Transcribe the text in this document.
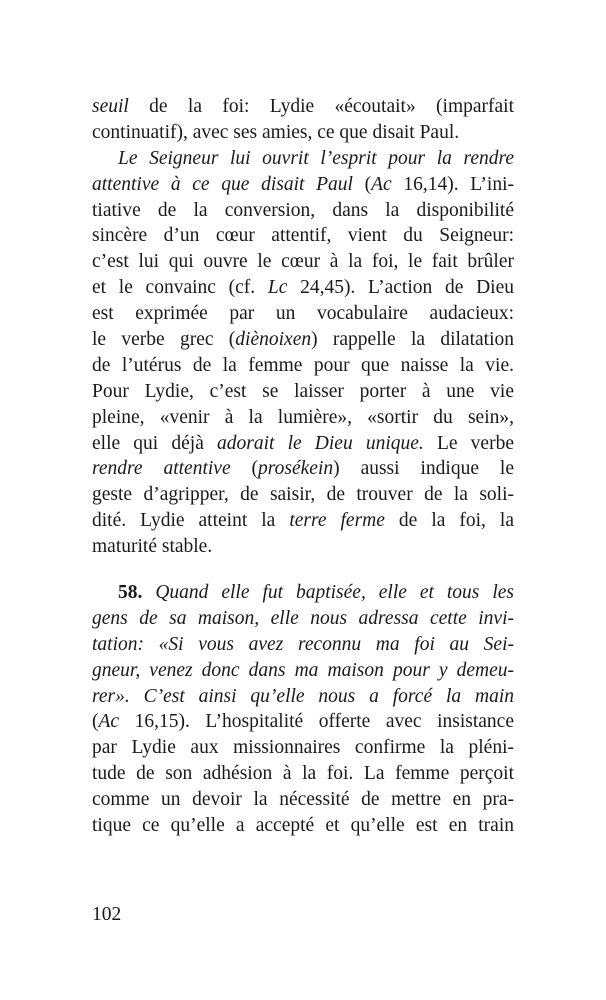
seuil de la foi: Lydie «écoutait» (imparfait
continuatif), avec ses amies, ce que disait Paul.
Le Seigneur lui ouvrit l’esprit pour la rendre
attentive à ce que disait Paul (Ac 16,14). L’ini-
tiative de la conversion, dans la disponibilité
sincère d’un cœur attentif, vient du Seigneur:
c’est lui qui ouvre le cœur à la foi, le fait brûler
et le convainc (cf. Lc 24,45). L’action de Dieu
est exprimée par un vocabulaire audacieux:
le verbe grec (diènoixen) rappelle la dilatation
de l’utérus de la femme pour que naisse la vie.
Pour Lydie, c’est se laisser porter à une vie
pleine, «venir à la lumière», «sortir du sein»,
elle qui déjà adorait le Dieu unique. Le verbe
rendre attentive (prosékein) aussi indique le
geste d’agripper, de saisir, de trouver de la soli-
dité. Lydie atteint la terre ferme de la foi, la
maturité stable.
58. Quand elle fut baptisée, elle et tous les
gens de sa maison, elle nous adressa cette invi-
tation: «Si vous avez reconnu ma foi au Sei-
gneur, venez donc dans ma maison pour y demeu-
rer». C’est ainsi qu’elle nous a forcé la main
(Ac 16,15). L’hospitalité offerte avec insistance
par Lydie aux missionnaires confirme la pléni-
tude de son adhésion à la foi. La femme perçoit
comme un devoir la nécessité de mettre en pra-
tique ce qu’elle a accepté et qu’elle est en train
102
